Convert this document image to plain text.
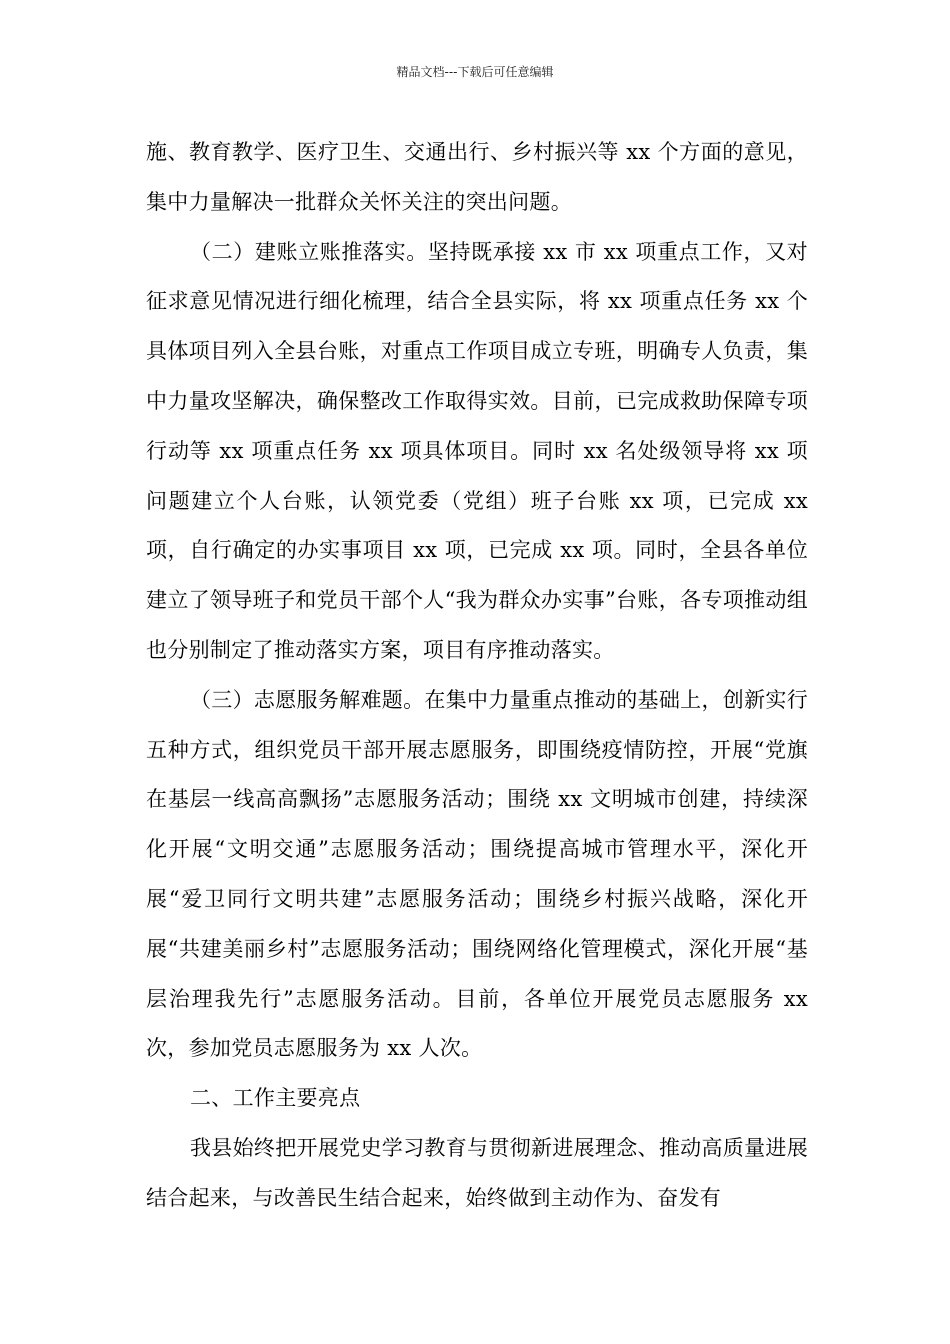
精品文档---下载后可任意编辑

施、教育教学、医疗卫生、交通出行、乡村振兴等 xx 个方面的意见，集中力量解决一批群众关怀关注的突出问题。

（二）建账立账推落实。坚持既承接 xx 市 xx 项重点工作，又对征求意见情况进行细化梳理，结合全县实际，将 xx 项重点任务 xx 个具体项目列入全县台账，对重点工作项目成立专班，明确专人负责，集中力量攻坚解决，确保整改工作取得实效。目前，已完成救助保障专项行动等 xx 项重点任务 xx 项具体项目。同时 xx 名处级领导将 xx 项问题建立个人台账，认领党委（党组）班子台账 xx 项，已完成 xx 项，自行确定的办实事项目 xx 项，已完成 xx 项。同时，全县各单位建立了领导班子和党员干部个人“我为群众办实事”台账，各专项推动组也分别制定了推动落实方案，项目有序推动落实。

（三）志愿服务解难题。在集中力量重点推动的基础上，创新实行五种方式，组织党员干部开展志愿服务，即围绕疫情防控，开展“党旗在基层一线高高飘扬”志愿服务活动；围绕 xx 文明城市创建，持续深化开展“文明交通”志愿服务活动；围绕提高城市管理水平，深化开展“爱卫同行文明共建”志愿服务活动；围绕乡村振兴战略，深化开展“共建美丽乡村”志愿服务活动；围绕网络化管理模式，深化开展“基层治理我先行”志愿服务活动。目前，各单位开展党员志愿服务 xx 次，参加党员志愿服务为 xx 人次。

二、工作主要亮点

我县始终把开展党史学习教育与贯彻新进展理念、推动高质量进展结合起来，与改善民生结合起来，始终做到主动作为、奋发有
